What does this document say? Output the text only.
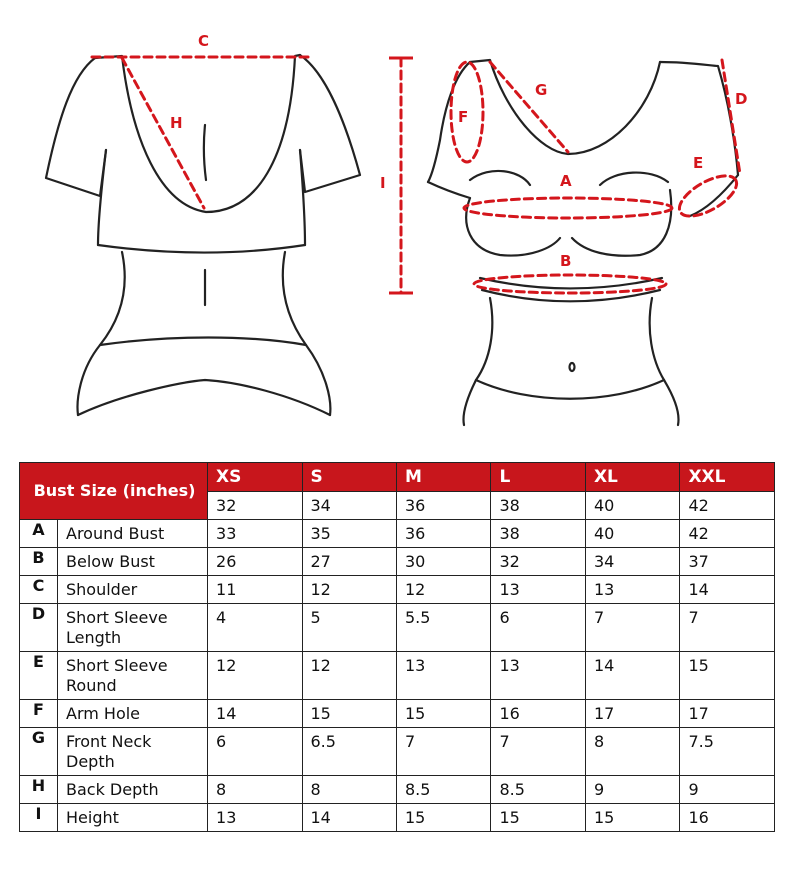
C
H
I
F
G	D
E
A
B
Bust Size (inches)		XS	S	M	L	XL	XXL
		32	34	36	38	40	42
A	Around Bust	33	35	36	38	40	42
B	Below Bust	26	27	30	32	34	37
C	Shoulder	11	12	12	13	13	14
D	Short Sleeve Length	4	5	5.5	6	7	7
E	Short Sleeve Round	12	12	13	13	14	15
F	Arm Hole	14	15	15	16	17	17
G	Front Neck Depth	6	6.5	7	7	8	7.5
H	Back Depth	8	8	8.5	8.5	9	9
I	Height	13	14	15	15	15	16
